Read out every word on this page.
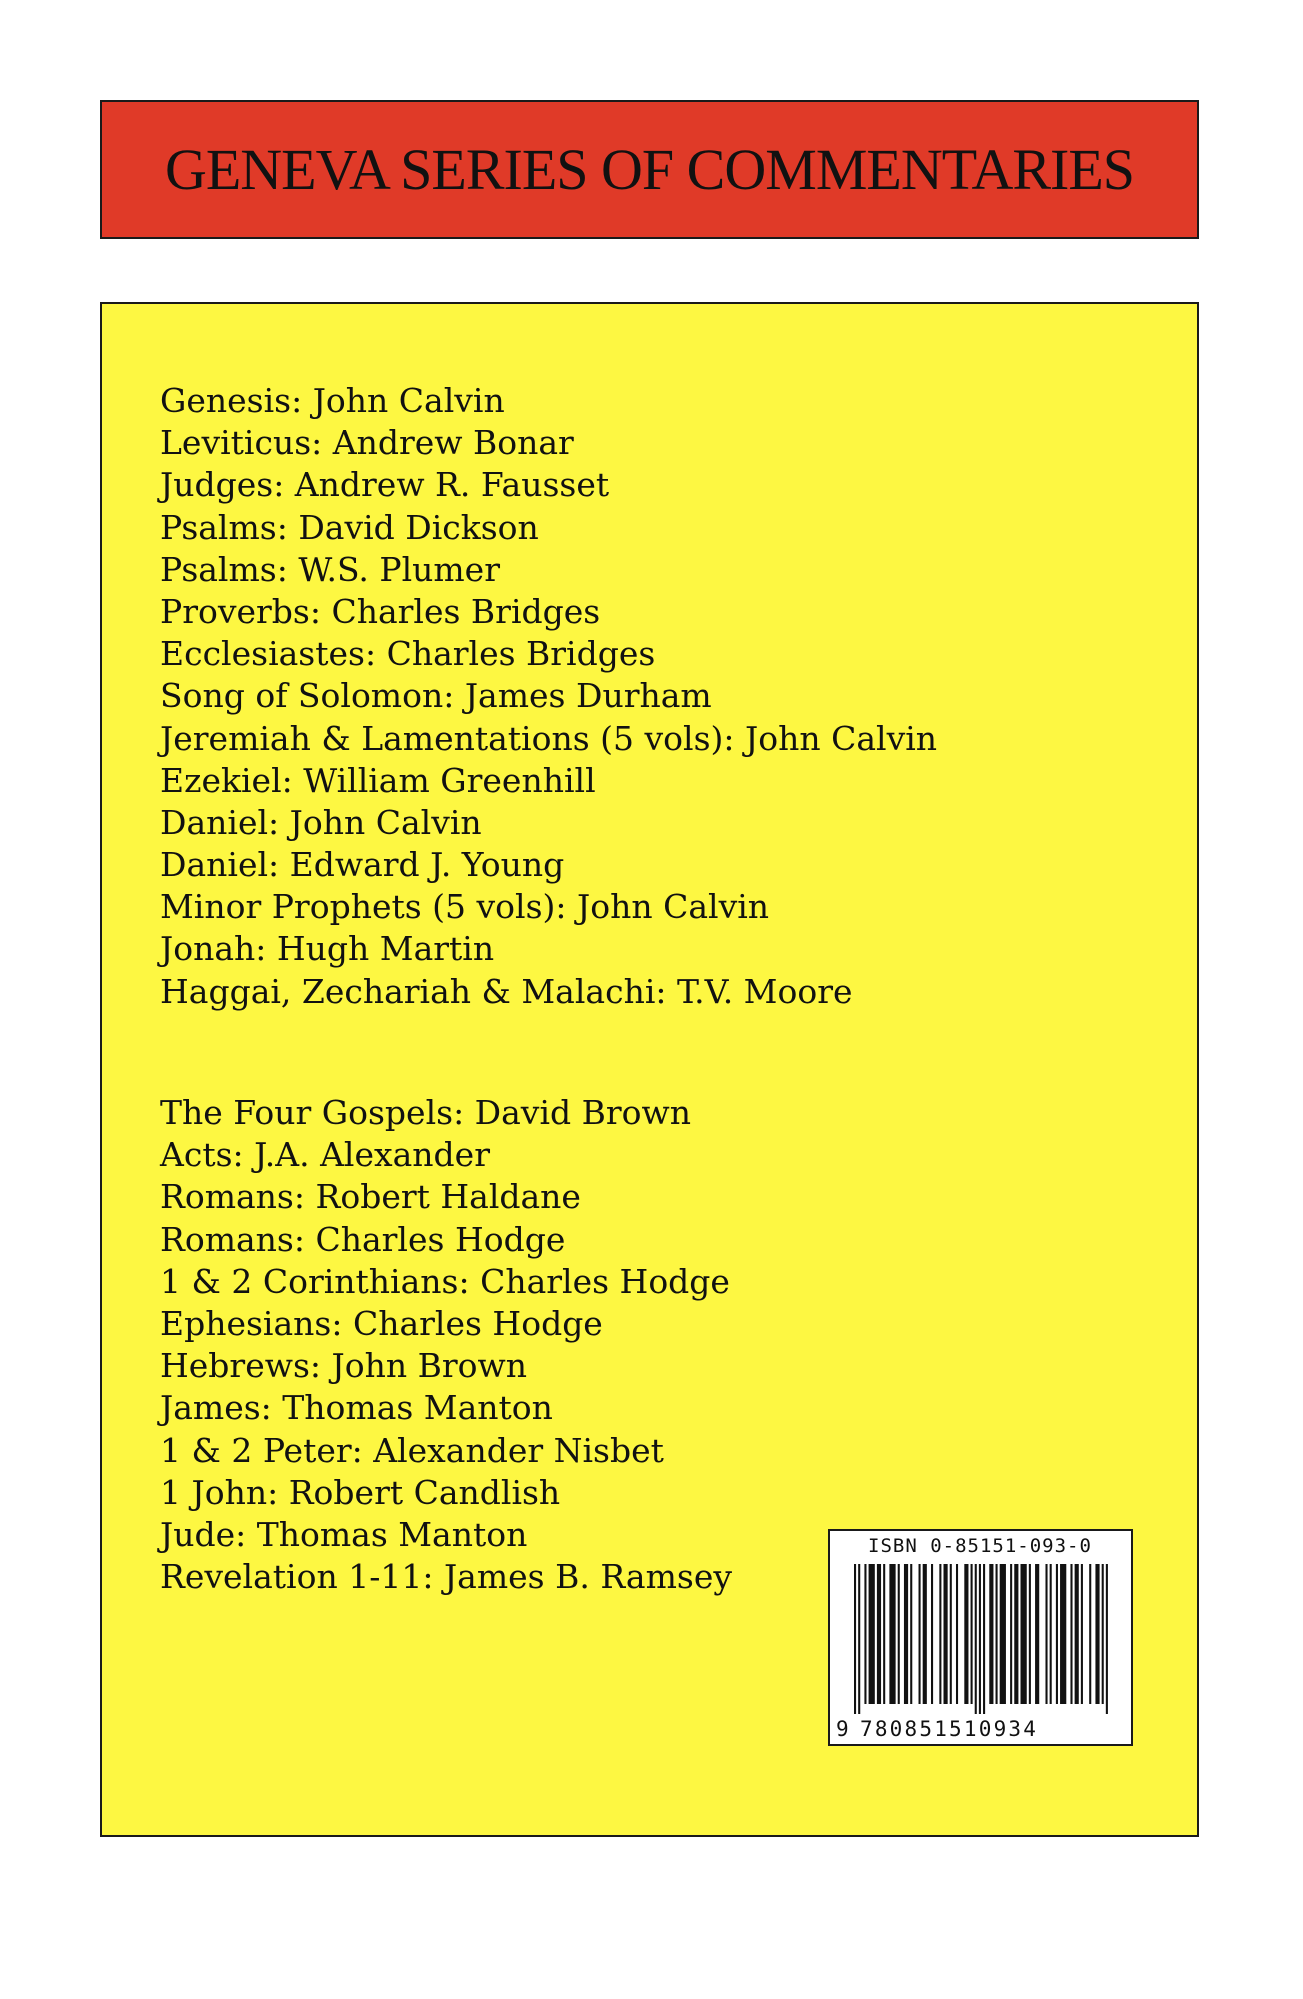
GENEVA SERIES OF COMMENTARIES
Genesis: John Calvin
Leviticus: Andrew Bonar
Judges: Andrew R. Fausset
Psalms: David Dickson
Psalms: W.S. Plumer
Proverbs: Charles Bridges
Ecclesiastes: Charles Bridges
Song of Solomon: James Durham
Jeremiah & Lamentations (5 vols): John Calvin
Ezekiel: William Greenhill
Daniel: John Calvin
Daniel: Edward J. Young
Minor Prophets (5 vols): John Calvin
Jonah: Hugh Martin
Haggai, Zechariah & Malachi: T.V. Moore
The Four Gospels: David Brown
Acts: J.A. Alexander
Romans: Robert Haldane
Romans: Charles Hodge
1 & 2 Corinthians: Charles Hodge
Ephesians: Charles Hodge
Hebrews: John Brown
James: Thomas Manton
1 & 2 Peter: Alexander Nisbet
1 John: Robert Candlish
Jude: Thomas Manton
Revelation 1-11: James B. Ramsey
ISBN 0-85151-093-0
9 780851510934
